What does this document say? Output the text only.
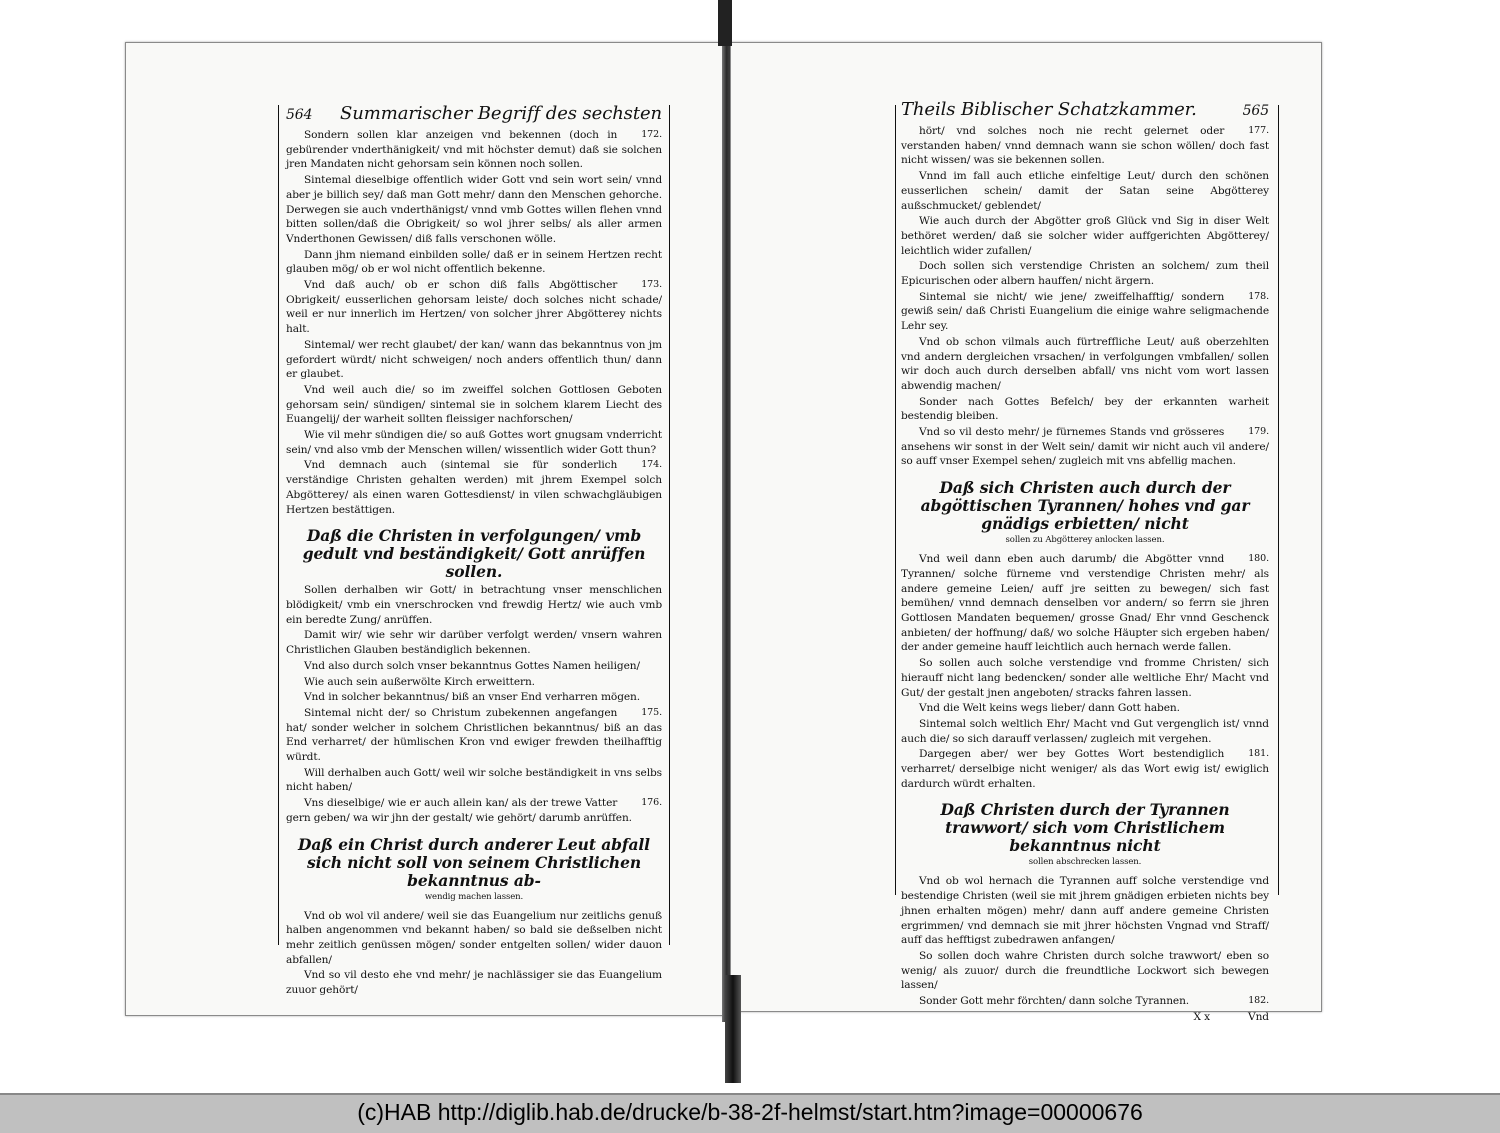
564 Summarischer Begriff des sechsten

172.
Sondern sollen klar anzeigen vnd bekennen (doch in gebürender vnderthänigkeit/ vnd mit höchster demut) daß sie solchen jren Mandaten nicht gehorsam sein können noch sollen.

Sintemal dieselbige offentlich wider Gott vnd sein wort sein/ vnnd aber je billich sey/ daß man Gott mehr/ dann den Menschen gehorche. Derwegen sie auch vnderthänigst/ vnnd vmb Gottes willen flehen vnnd bitten sollen/daß die Obrigkeit/ so wol jhrer selbs/ als aller armen Vnderthonen Gewissen/ diß falls verschonen wölle.

Dann jhm niemand einbilden solle/ daß er in seinem Hertzen recht glauben mög/ ob er wol nicht offentlich bekenne.

173.
Vnd daß auch/ ob er schon diß falls Abgöttischer Obrigkeit/ eusserlichen gehorsam leiste/ doch solches nicht schade/ weil er nur innerlich im Hertzen/ von solcher jhrer Abgötterey nichts halt.

Sintemal/ wer recht glaubet/ der kan/ wann das bekanntnus von jm gefordert würdt/ nicht schweigen/ noch anders offentlich thun/ dann er glaubet.

Vnd weil auch die/ so im zweiffel solchen Gottlosen Geboten gehorsam sein/ sündigen/ sintemal sie in solchem klarem Liecht des Euangelij/ der warheit sollten fleissiger nachforschen/

Wie vil mehr sündigen die/ so auß Gottes wort gnugsam vnderricht sein/ vnd also vmb der Menschen willen/ wissentlich wider Gott thun?

174.
Vnd demnach auch (sintemal sie für sonderlich verständige Christen gehalten werden) mit jhrem Exempel solch Abgötterey/ als einen waren Gottesdienst/ in vilen schwachgläubigen Hertzen bestättigen.

Daß die Christen in verfolgungen/ vmb gedult vnd beständigkeit/ Gott anrüffen sollen.

Sollen derhalben wir Gott/ in betrachtung vnser menschlichen blödigkeit/ vmb ein vnerschrocken vnd frewdig Hertz/ wie auch vmb ein beredte Zung/ anrüffen.

Damit wir/ wie sehr wir darüber verfolgt werden/ vnsern wahren Christlichen Glauben beständiglich bekennen.

Vnd also durch solch vnser bekanntnus Gottes Namen heiligen/

Wie auch sein außerwölte Kirch erweittern.

Vnd in solcher bekanntnus/ biß an vnser End verharren mögen.

175.
Sintemal nicht der/ so Christum zubekennen angefangen hat/ sonder welcher in solchem Christlichen bekanntnus/ biß an das End verharret/ der hümlischen Kron vnd ewiger frewden theilhafftig würdt.

Will derhalben auch Gott/ weil wir solche beständigkeit in vns selbs nicht haben/

176.
Vns dieselbige/ wie er auch allein kan/ als der trewe Vatter gern geben/ wa wir jhn der gestalt/ wie gehört/ darumb anrüffen.

Daß ein Christ durch anderer Leut abfall sich nicht soll von seinem Christlichen bekanntnus ab-
wendig machen lassen.

Vnd ob wol vil andere/ weil sie das Euangelium nur zeitlichs genuß halben angenommen vnd bekannt haben/ so bald sie deßselben nicht mehr zeitlich genüssen mögen/ sonder entgelten sollen/ wider dauon abfallen/

Vnd so vil desto ehe vnd mehr/ je nachlässiger sie das Euangelium zuuor gehört/

Theils Biblischer Schatzkammer.	565

177.
hört/ vnd solches noch nie recht gelernet oder verstanden haben/ vnnd demnach wann sie schon wöllen/ doch fast nicht wissen/ was sie bekennen sollen.

Vnnd im fall auch etliche einfeltige Leut/ durch den schönen eusserlichen schein/ damit der Satan seine Abgötterey außschmucket/ geblendet/

Wie auch durch der Abgötter groß Glück vnd Sig in diser Welt bethöret werden/ daß sie solcher wider auffgerichten Abgötterey/ leichtlich wider zufallen/

Doch sollen sich verstendige Christen an solchem/ zum theil Epicurischen oder albern hauffen/ nicht ärgern.

178.
Sintemal sie nicht/ wie jene/ zweiffelhafftig/ sondern gewiß sein/ daß Christi Euangelium die einige wahre seligmachende Lehr sey.

Vnd ob schon vilmals auch fürtreffliche Leut/ auß oberzehlten vnd andern dergleichen vrsachen/ in verfolgungen vmbfallen/ sollen wir doch auch durch derselben abfall/ vns nicht vom wort lassen abwendig machen/

Sonder nach Gottes Befelch/ bey der erkannten warheit bestendig bleiben.

179.
Vnd so vil desto mehr/ je fürnemes Stands vnd grösseres ansehens wir sonst in der Welt sein/ damit wir nicht auch vil andere/ so auff vnser Exempel sehen/ zugleich mit vns abfellig machen.

Daß sich Christen auch durch der abgöttischen Tyrannen/ hohes vnd gar gnädigs erbietten/ nicht
sollen zu Abgötterey anlocken lassen.

180.
Vnd weil dann eben auch darumb/ die Abgötter vnnd Tyrannen/ solche fürneme vnd verstendige Christen mehr/ als andere gemeine Leien/ auff jre seitten zu bewegen/ sich fast bemühen/ vnnd demnach denselben vor andern/ so ferrn sie jhren Gottlosen Mandaten bequemen/ grosse Gnad/ Ehr vnnd Geschenck anbieten/ der hoffnung/ daß/ wo solche Häupter sich ergeben haben/ der ander gemeine hauff leichtlich auch hernach werde fallen.

So sollen auch solche verstendige vnd fromme Christen/ sich hierauff nicht lang bedencken/ sonder alle weltliche Ehr/ Macht vnd Gut/ der gestalt jnen angeboten/ stracks fahren lassen.

Vnd die Welt keins wegs lieber/ dann Gott haben.

Sintemal solch weltlich Ehr/ Macht vnd Gut vergenglich ist/ vnnd auch die/ so sich darauff verlassen/ zugleich mit vergehen.

181.
Dargegen aber/ wer bey Gottes Wort bestendiglich verharret/ derselbige nicht weniger/ als das Wort ewig ist/ ewiglich dardurch würdt erhalten.

Daß Christen durch der Tyrannen trawwort/ sich vom Christlichem bekanntnus nicht
sollen abschrecken lassen.

Vnd ob wol hernach die Tyrannen auff solche verstendige vnd bestendige Christen (weil sie mit jhrem gnädigen erbieten nichts bey jhnen erhalten mögen) mehr/ dann auff andere gemeine Christen ergrimmen/ vnd demnach sie mit jhrer höchsten Vngnad vnd Straff/ auff das hefftigst zubedrawen anfangen/

So sollen doch wahre Christen durch solche trawwort/ eben so wenig/ als zuuor/ durch die freundtliche Lockwort sich bewegen lassen/

182.
Sonder Gott mehr förchten/ dann solche Tyrannen.

X x	Vnd
(c)HAB http://diglib.hab.de/drucke/b-38-2f-helmst/start.htm?image=00000676
